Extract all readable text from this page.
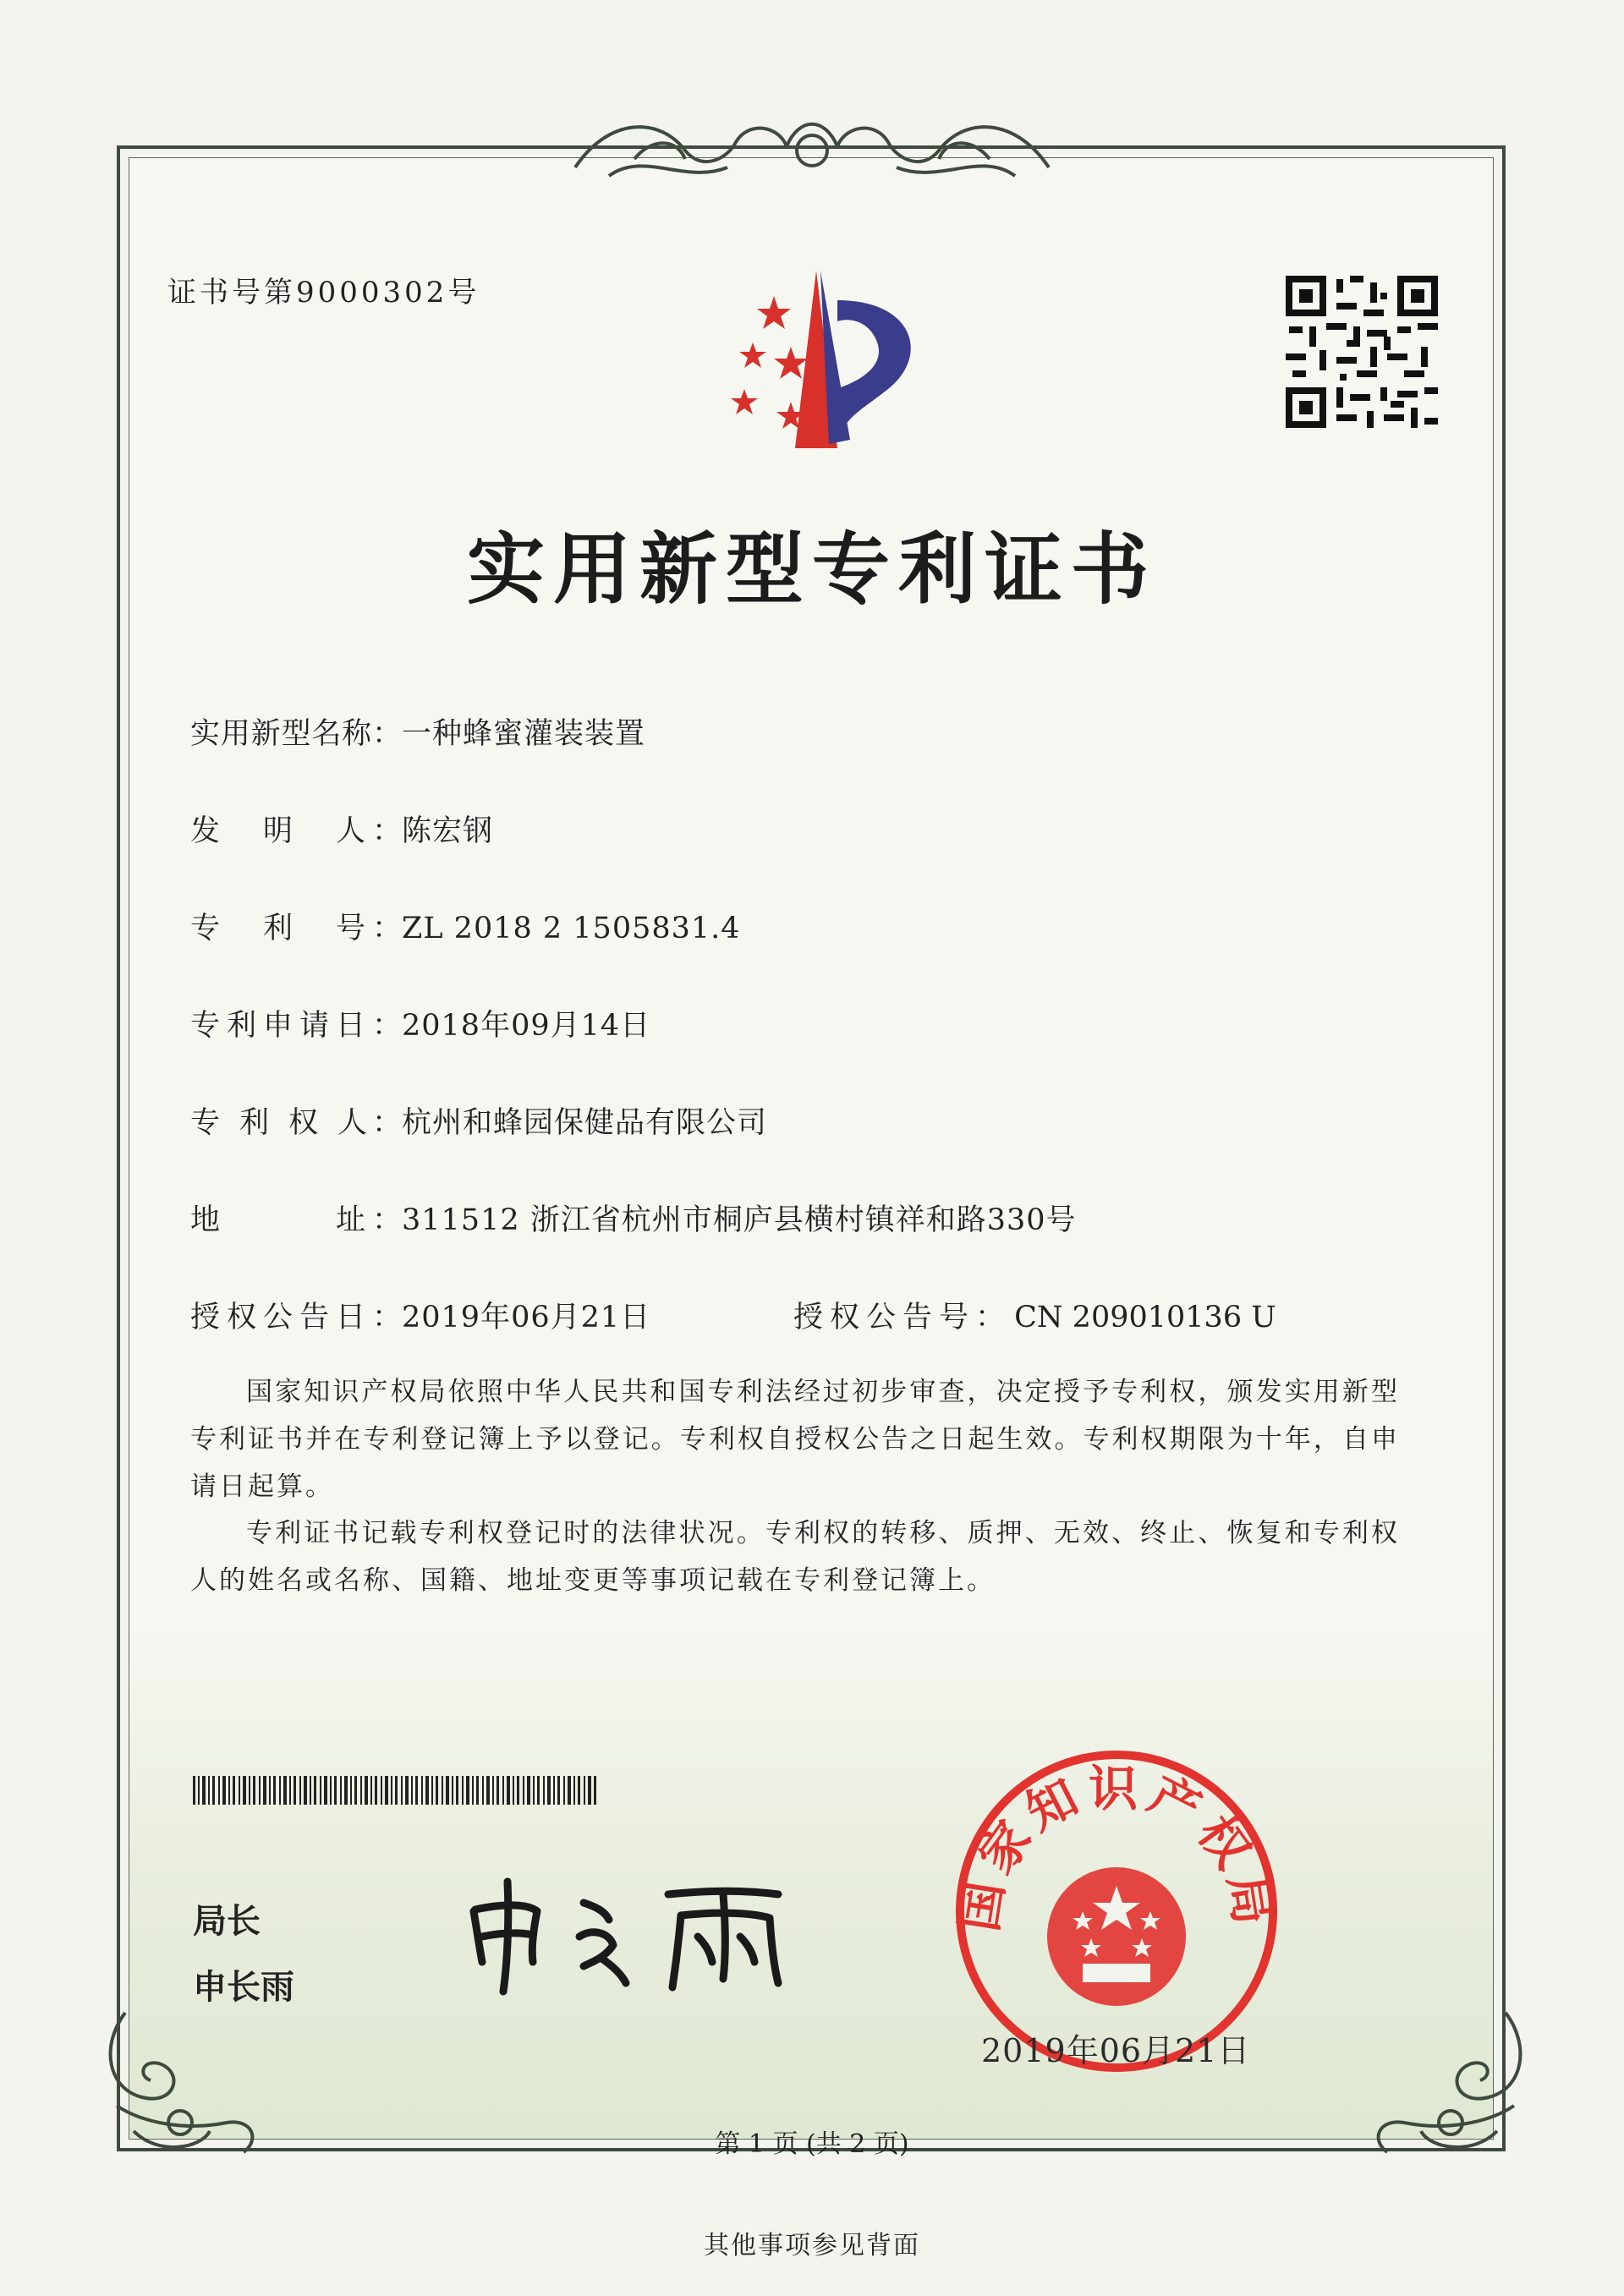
证书号第9000302号
实用新型专利证书
实用新型名称： 一种蜂蜜灌装装置
发　明　人： 陈宏钢
专　利　号： ZL 2018 2 1505831.4
专利申请日： 2018年09月14日
专 利 权 人： 杭州和蜂园保健品有限公司
地　　　址： 311512 浙江省杭州市桐庐县横村镇祥和路330号
授权公告日： 2019年06月21日	授权公告号： CN 209010136 U
国家知识产权局依照中华人民共和国专利法经过初步审查，决定授予专利权，颁发实用新型专利证书并在专利登记簿上予以登记。专利权自授权公告之日起生效。专利权期限为十年，自申请日起算。
专利证书记载专利权登记时的法律状况。专利权的转移、质押、无效、终止、恢复和专利权人的姓名或名称、国籍、地址变更等事项记载在专利登记簿上。
局长
申长雨
国家知识产权局
2019年06月21日
第 1 页 (共 2 页)
其他事项参见背面
